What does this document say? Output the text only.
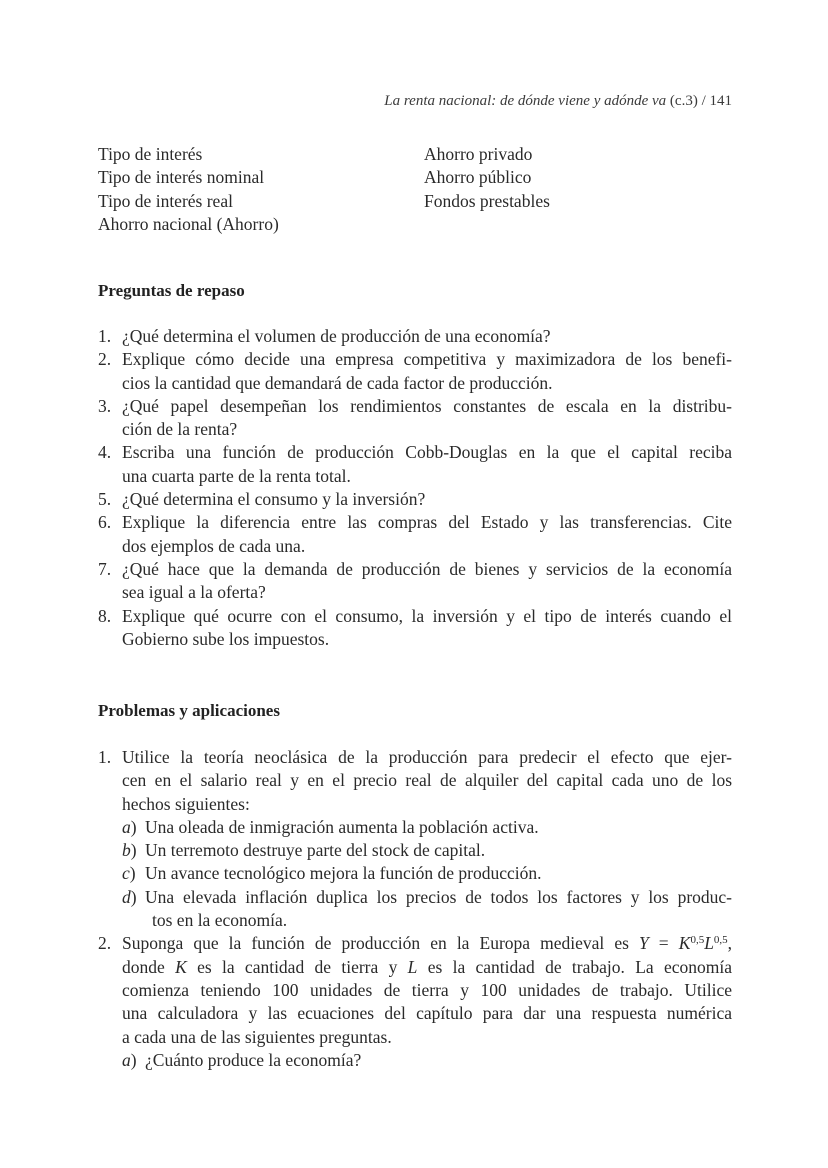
La renta nacional: de dónde viene y adónde va (c.3) / 141
Tipo de interés
Tipo de interés nominal
Tipo de interés real
Ahorro nacional (Ahorro)
Ahorro privado
Ahorro público
Fondos prestables
Preguntas de repaso
1. ¿Qué determina el volumen de producción de una economía?
2. Explique cómo decide una empresa competitiva y maximizadora de los benefi-
cios la cantidad que demandará de cada factor de producción.
3. ¿Qué papel desempeñan los rendimientos constantes de escala en la distribu-
ción de la renta?
4. Escriba una función de producción Cobb-Douglas en la que el capital reciba
una cuarta parte de la renta total.
5. ¿Qué determina el consumo y la inversión?
6. Explique la diferencia entre las compras del Estado y las transferencias. Cite
dos ejemplos de cada una.
7. ¿Qué hace que la demanda de producción de bienes y servicios de la economía
sea igual a la oferta?
8. Explique qué ocurre con el consumo, la inversión y el tipo de interés cuando el
Gobierno sube los impuestos.
Problemas y aplicaciones
1. Utilice la teoría neoclásica de la producción para predecir el efecto que ejer-
cen en el salario real y en el precio real de alquiler del capital cada uno de los
hechos siguientes:
a) Una oleada de inmigración aumenta la población activa.
b) Un terremoto destruye parte del stock de capital.
c) Un avance tecnológico mejora la función de producción.
d) Una elevada inflación duplica los precios de todos los factores y los produc-
tos en la economía.
2. Suponga que la función de producción en la Europa medieval es $Y = K^{0,5}L^{0,5}$,
donde K es la cantidad de tierra y L es la cantidad de trabajo. La economía
comienza teniendo 100 unidades de tierra y 100 unidades de trabajo. Utilice
una calculadora y las ecuaciones del capítulo para dar una respuesta numérica
a cada una de las siguientes preguntas.
a) ¿Cuánto produce la economía?
